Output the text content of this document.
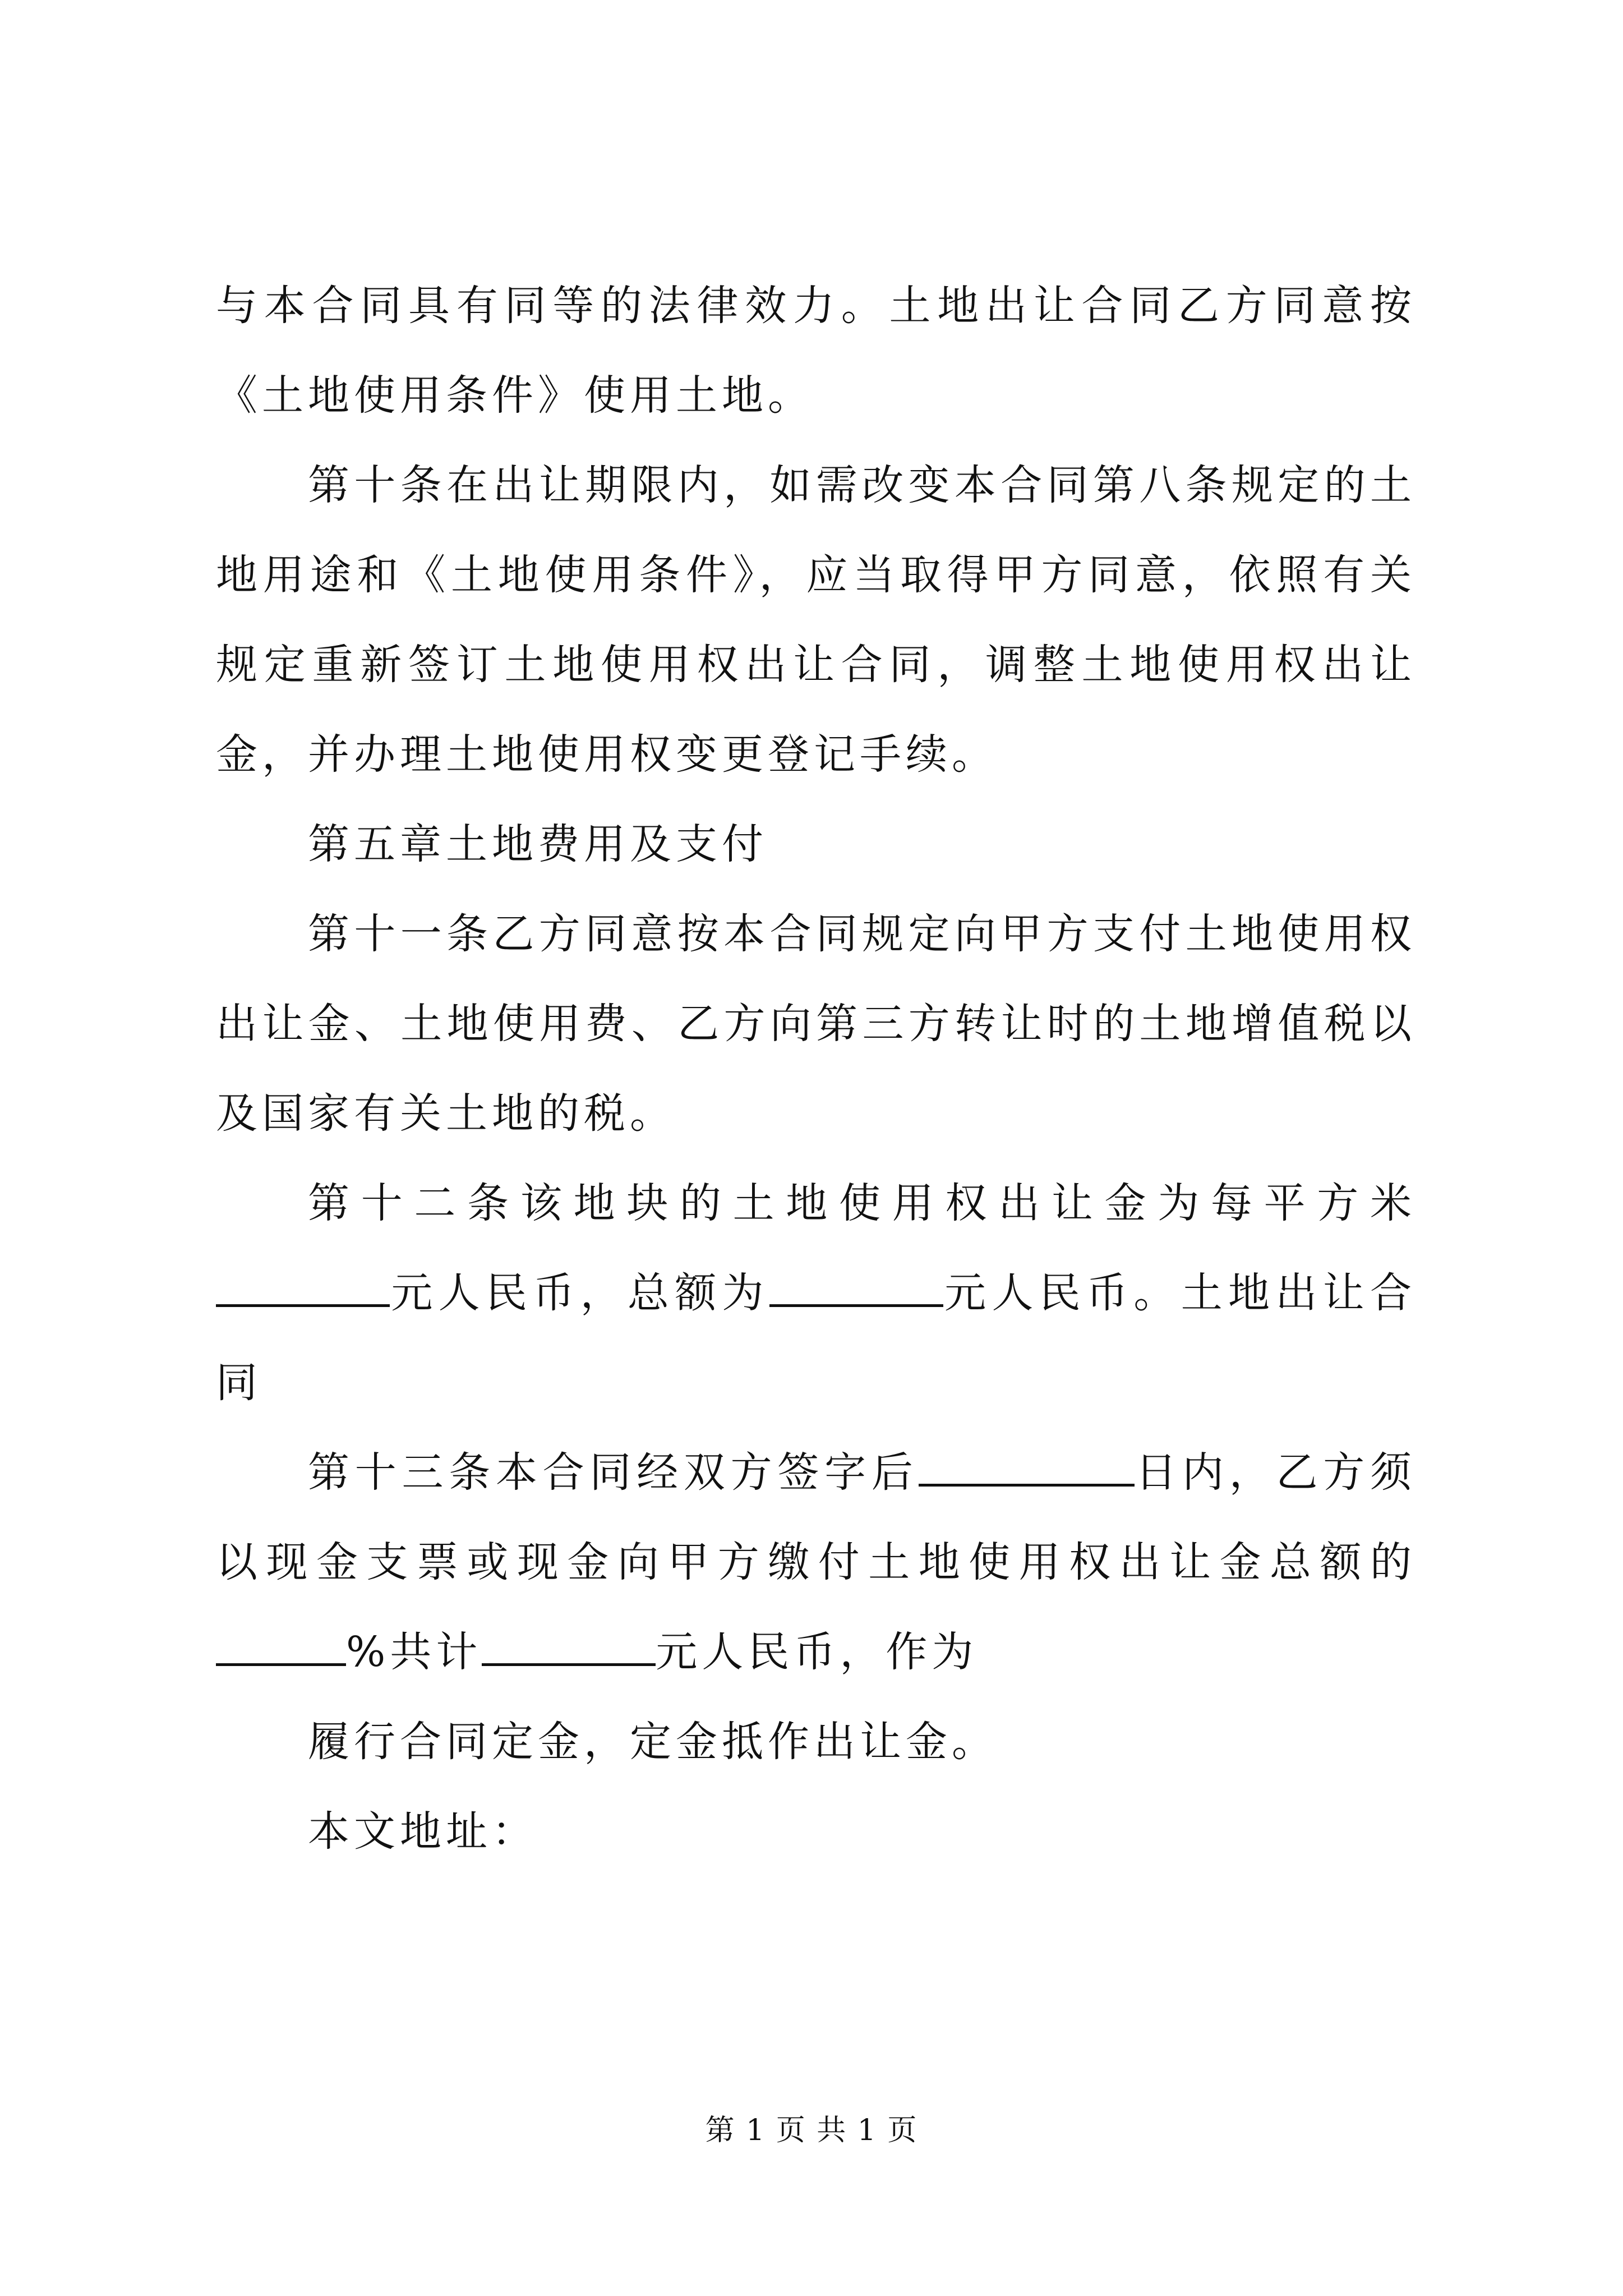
与本合同具有同等的法律效力。土地出让合同乙方同意按《土地使用条件》使用土地。

第十条在出让期限内，如需改变本合同第八条规定的土地用途和《土地使用条件》，应当取得甲方同意，依照有关规定重新签订土地使用权出让合同，调整土地使用权出让金，并办理土地使用权变更登记手续。

第五章土地费用及支付

第十一条乙方同意按本合同规定向甲方支付土地使用权出让金、土地使用费、乙方向第三方转让时的土地增值税以及国家有关土地的税。

第十二条该地块的土地使用权出让金为每平方米元人民币，总额为	元人民币。土地出让合同

第十三条本合同经双方签字后	日内，乙方须以现金支票或现金向甲方缴付土地使用权出让金总额的%共计	元人民币，作为

履行合同定金，定金抵作出让金。

本文地址：

第 1 页 共 1 页
